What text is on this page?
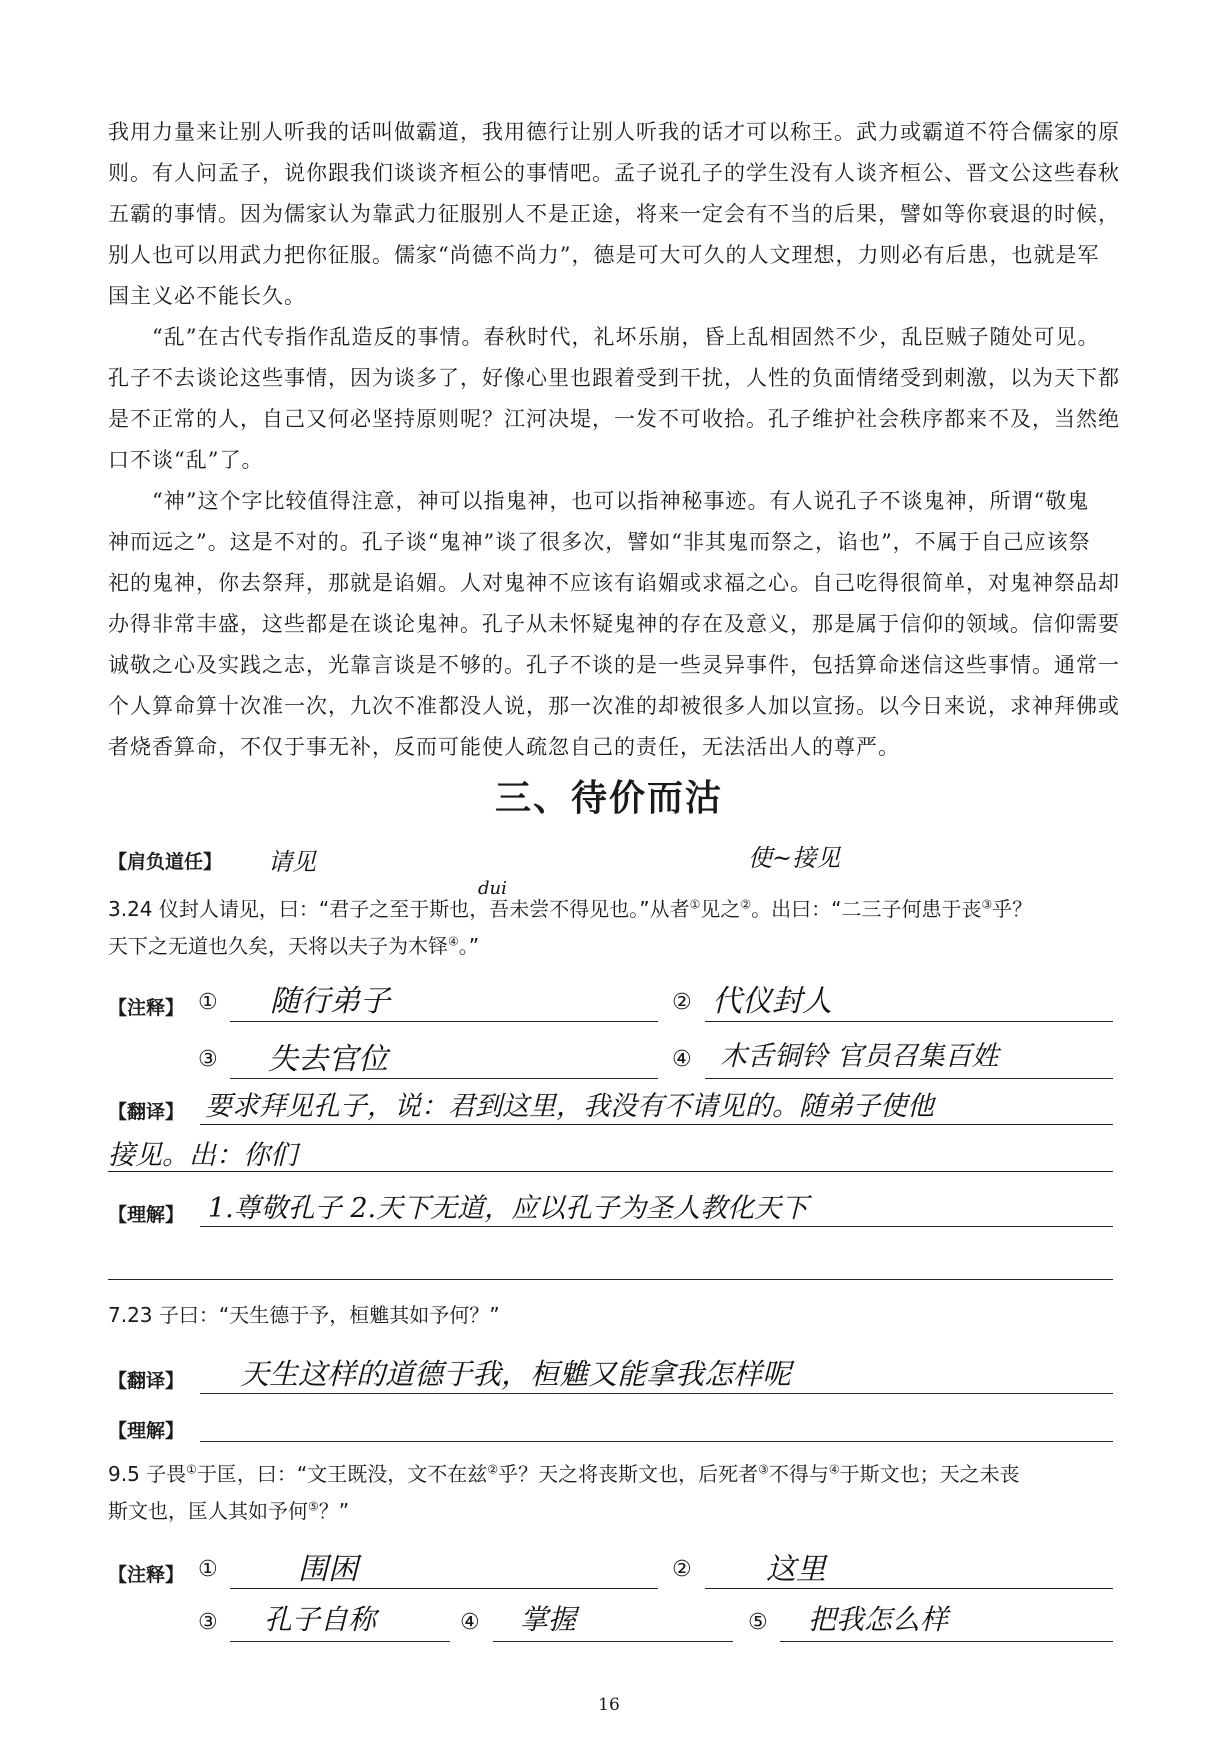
我用力量来让别人听我的话叫做霸道，我用德行让别人听我的话才可以称王。武力或霸道不符合儒家的原
则。有人问孟子，说你跟我们谈谈齐桓公的事情吧。孟子说孔子的学生没有人谈齐桓公、晋文公这些春秋
五霸的事情。因为儒家认为靠武力征服别人不是正途，将来一定会有不当的后果，譬如等你衰退的时候，
别人也可以用武力把你征服。儒家“尚德不尚力”，德是可大可久的人文理想，力则必有后患，也就是军
国主义必不能长久。
“乱”在古代专指作乱造反的事情。春秋时代，礼坏乐崩，昏上乱相固然不少，乱臣贼子随处可见。
孔子不去谈论这些事情，因为谈多了，好像心里也跟着受到干扰，人性的负面情绪受到刺激，以为天下都
是不正常的人，自己又何必坚持原则呢？江河决堤，一发不可收拾。孔子维护社会秩序都来不及，当然绝
口不谈“乱”了。
“神”这个字比较值得注意，神可以指鬼神，也可以指神秘事迹。有人说孔子不谈鬼神，所谓“敬鬼
神而远之”。这是不对的。孔子谈“鬼神”谈了很多次，譬如“非其鬼而祭之，谄也”，不属于自己应该祭
祀的鬼神，你去祭拜，那就是谄媚。人对鬼神不应该有谄媚或求福之心。自己吃得很简单，对鬼神祭品却
办得非常丰盛，这些都是在谈论鬼神。孔子从未怀疑鬼神的存在及意义，那是属于信仰的领域。信仰需要
诚敬之心及实践之志，光靠言谈是不够的。孔子不谈的是一些灵异事件，包括算命迷信这些事情。通常一
个人算命算十次准一次，九次不准都没人说，那一次准的却被很多人加以宣扬。以今日来说，求神拜佛或
者烧香算命，不仅于事无补，反而可能使人疏忽自己的责任，无法活出人的尊严。
三、待价而沽
【肩负道任】 请见	使~接见
dui
3.24 仪封人请见，曰：“君子之至于斯也，吾未尝不得见也。”从者①见之②。出曰：“二三子何患于丧③乎？
天下之无道也久矣，天将以夫子为木铎④。”
【注释】 ① 随行弟子	② 代仪封人
③ 失去官位	④ 木舌铜铃 官员召集百姓
【翻译】 要求拜见孔子，说：君到这里，我没有不请见的。随弟子使他
接见。出：你们
【理解】 1.尊敬孔子 2.天下无道，应以孔子为圣人教化天下
7.23 子曰：“天生德于予，桓魋其如予何？”
【翻译】 天生这样的道德于我，桓魋又能拿我怎样呢
【理解】
9.5 子畏①于匡，曰：“文王既没，文不在兹②乎？天之将丧斯文也，后死者③不得与④于斯文也；天之未丧
斯文也，匡人其如予何⑤？”
【注释】 ①	围困	② 这里
③ 孔子自称	④ 掌握	⑤ 把我怎么样
16
